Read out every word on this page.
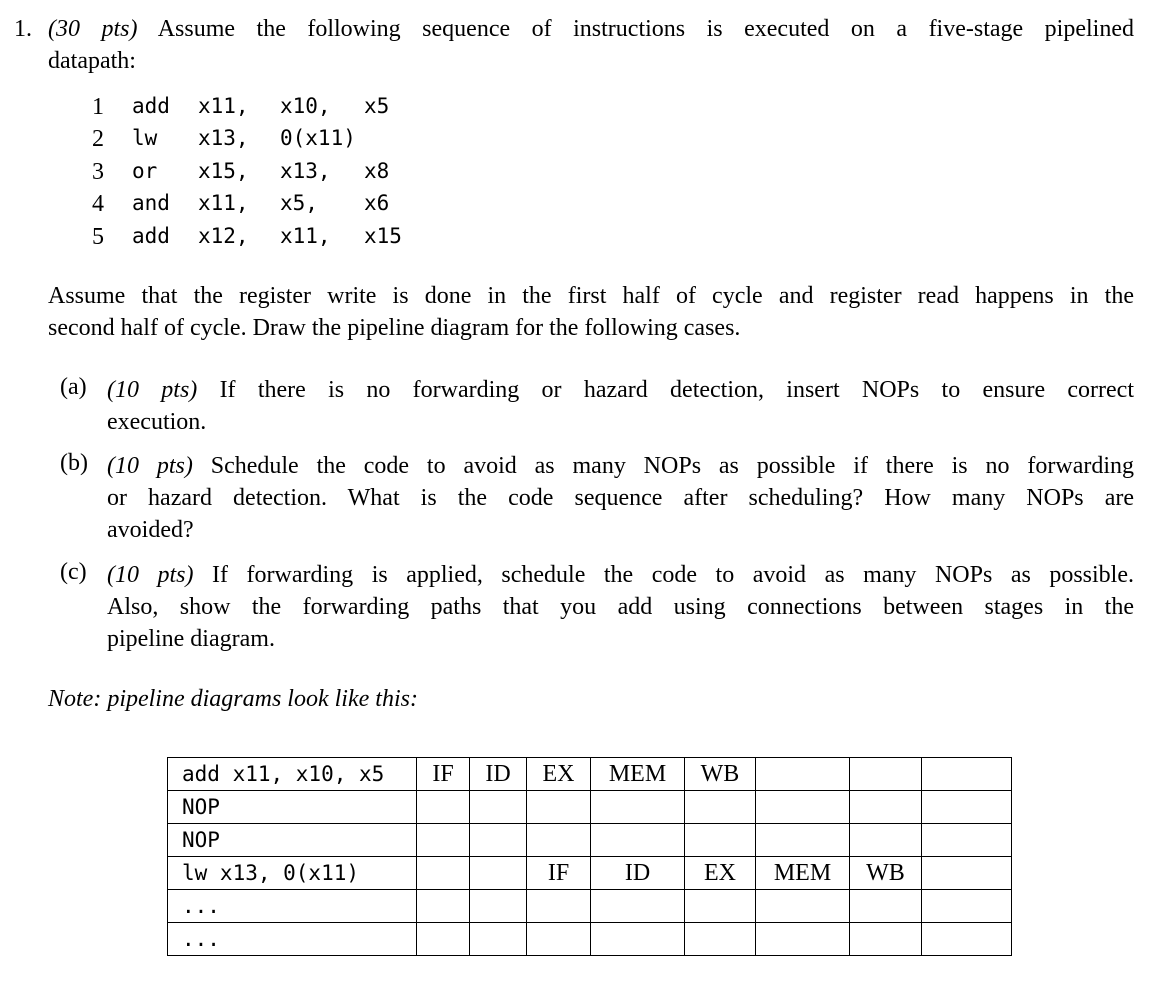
1. (30 pts) Assume the following sequence of instructions is executed on a five-stage pipelined
datapath:
1 add x11, x10, x5
2 lw x13, 0(x11)
3 or x15, x13, x8
4 and x11, x5, x6
5 add x12, x11, x15
Assume that the register write is done in the first half of cycle and register read happens in the
second half of cycle. Draw the pipeline diagram for the following cases.
(a) (10 pts) If there is no forwarding or hazard detection, insert NOPs to ensure correct
execution.
(b) (10 pts) Schedule the code to avoid as many NOPs as possible if there is no forwarding
or hazard detection. What is the code sequence after scheduling? How many NOPs are
avoided?
(c) (10 pts) If forwarding is applied, schedule the code to avoid as many NOPs as possible.
Also, show the forwarding paths that you add using connections between stages in the
pipeline diagram.
Note: pipeline diagrams look like this:
add x11, x10, x5	IF	ID	EX	MEM	WB			
NOP								
NOP								
lw x13, 0(x11)			IF	ID	EX	MEM	WB	
...								
...								
